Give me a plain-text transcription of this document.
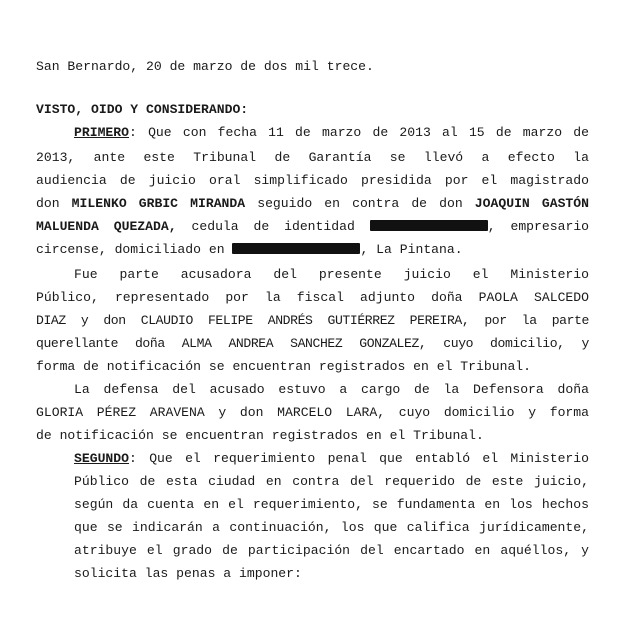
San Bernardo, 20 de marzo de dos mil trece.
VISTO, OIDO Y CONSIDERANDO:
PRIMERO: Que con fecha 11 de marzo de 2013 al 15 de marzo de
2013, ante este Tribunal de Garantía se llevó a efecto la
audiencia de juicio oral simplificado presidida por el magistrado
don MILENKO GRBIC MIRANDA seguido en contra de don JOAQUIN GASTÓN
MALUENDA QUEZADA, cedula de identidad	, empresario
circense, domiciliado en	, La Pintana.
Fue parte acusadora del presente juicio el Ministerio
Público, representado por la fiscal adjunto doña PAOLA SALCEDO
DIAZ y don CLAUDIO FELIPE ANDRÉS GUTIÉRREZ PEREIRA, por la parte
querellante doña ALMA ANDREA SANCHEZ GONZALEZ, cuyo domicilio, y
forma de notificación se encuentran registrados en el Tribunal.
La defensa del acusado estuvo a cargo de la Defensora doña
GLORIA PÉREZ ARAVENA y don MARCELO LARA, cuyo domicilio y forma
de notificación se encuentran registrados en el Tribunal.
SEGUNDO: Que el requerimiento penal que entabló el Ministerio
Público de esta ciudad en contra del requerido de este juicio,
según da cuenta en el requerimiento, se fundamenta en los hechos
que se indicarán a continuación, los que califica jurídicamente,
atribuye el grado de participación del encartado en aquéllos, y
solicita las penas a imponer:
